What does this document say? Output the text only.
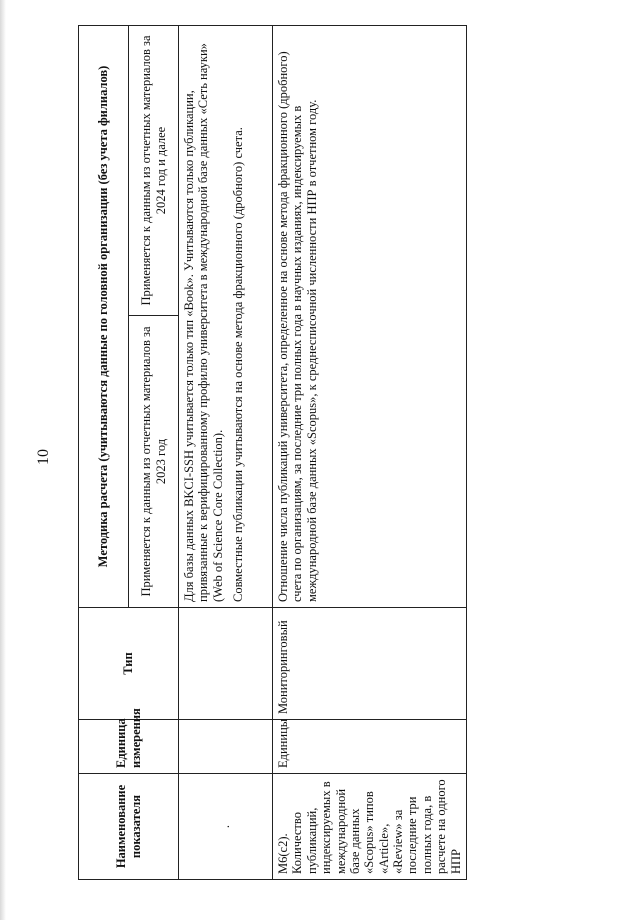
10
Наименование показателя	Единица измерения	Тип	Методика расчета (учитываются данные по головной организации (без учета филиалов)	
			Применяется к данным из отчетных материалов за 2023 год	Применяется к данным из отчетных материалов за 2024 год и далее
.			Для базы данных BKCI-SSH учитывается только тип «Book». Учитываются только публикации, привязанные к верифицированному профилю университета в международной базе данных «Сеть науки» (Web of Science Core Collection). Совместные публикации учитываются на основе метода фракционного (дробного) счета.	

М6(с2). Количество публикаций, индексируемых в международной базе данных «Scopus» типов «Article», «Review» за последние три полных года, в расчете на одного НПР	Единицы	Мониторинговый	Отношение числа публикаций университета, определенное на основе метода фракционного (дробного) счета по организациям, за последние три полных года в научных изданиях, индексируемых в международной базе данных «Scopus», к среднесписочной численности НПР в отчетном году.	
